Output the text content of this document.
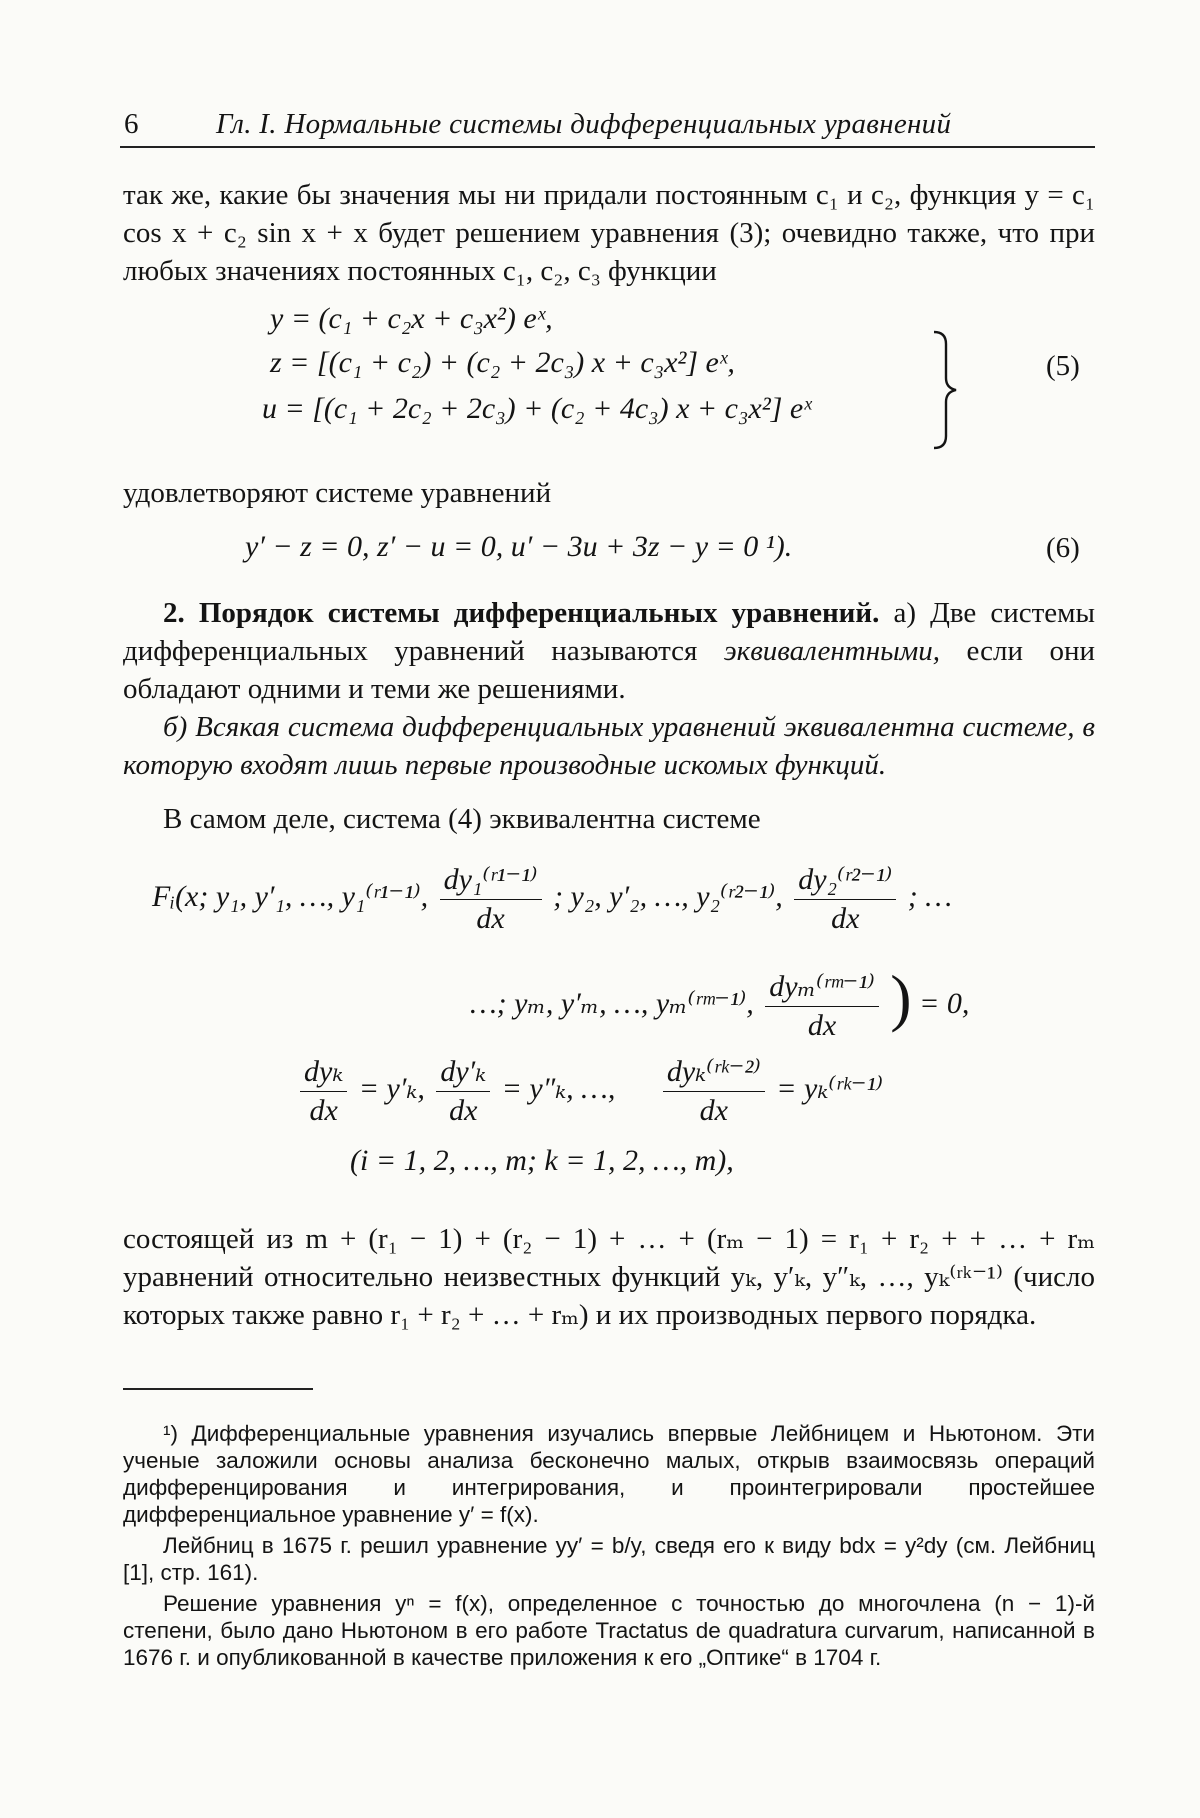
6	Гл. I. Нормальные системы дифференциальных уравнений
так же, какие бы значения мы ни придали постоянным c₁ и c₂, функция y = c₁ cos x + c₂ sin x + x будет решением уравнения (3); очевидно также, что при любых значениях постоянных c₁, c₂, c₃ функции
y = (c₁ + c₂x + c₃x²) eˣ,
z = [(c₁ + c₂) + (c₂ + 2c₃) x + c₃x²] eˣ,
u = [(c₁ + 2c₂ + 2c₃) + (c₂ + 4c₃) x + c₃x²] eˣ
(5)
удовлетворяют системе уравнений
y′ − z = 0, z′ − u = 0, u′ − 3u + 3z − y = 0 ¹).	(6)
2. Порядок системы дифференциальных уравнений. а) Две системы дифференциальных уравнений называются эквивалентными, если они обладают одними и теми же решениями.
б) Всякая система дифференциальных уравнений эквивалентна системе, в которую входят лишь первые производные искомых функций.
В самом деле, система (4) эквивалентна системе
Fᵢ(x; y₁, y′₁, …, y₁⁽ʳ¹⁻¹⁾, $\frac{\text{dy₁⁽ʳ¹⁻¹⁾}}{dx}$ ; y₂, y′₂, …, y₂⁽ʳ²⁻¹⁾, $\frac{\text{dy₂⁽ʳ²⁻¹⁾}}{dx}$ ; …
…; yₘ, y′ₘ, …, yₘ⁽ʳᵐ⁻¹⁾, $\frac{\text{dyₘ⁽ʳᵐ⁻¹⁾}}{dx}$ ) = 0,
$\frac{\text{dyₖ}}{dx} = y'_k$, $\frac{\text{dy′ₖ}}{dx} = y''_k$, …, $\frac{\text{dyₖ⁽ʳᵏ⁻²⁾}}{dx}$ = yₖ⁽ʳᵏ⁻¹⁾
(i = 1, 2, …, m; k = 1, 2, …, m),
состоящей из m + (r₁ − 1) + (r₂ − 1) + … + (rₘ − 1) = r₁ + r₂ + + … + rₘ уравнений относительно неизвестных функций yₖ, y′ₖ, y″ₖ, …, yₖ⁽ʳᵏ⁻¹⁾ (число которых также равно r₁ + r₂ + … + rₘ) и их производных первого порядка.
¹) Дифференциальные уравнения изучались впервые Лейбницем и Ньютоном. Эти ученые заложили основы анализа бесконечно малых, открыв взаимосвязь операций дифференцирования и интегрирования, и проинтегрировали простейшее дифференциальное уравнение y′ = f(x).
Лейбниц в 1675 г. решил уравнение yy′ = b/y, сведя его к виду bdx = y²dy (см. Лейбниц [1], стр. 161).
Решение уравнения yⁿ = f(x), определенное с точностью до многочлена (n − 1)-й степени, было дано Ньютоном в его работе Tractatus de quadratura curvarum, написанной в 1676 г. и опубликованной в качестве приложения к его „Оптике“ в 1704 г.
